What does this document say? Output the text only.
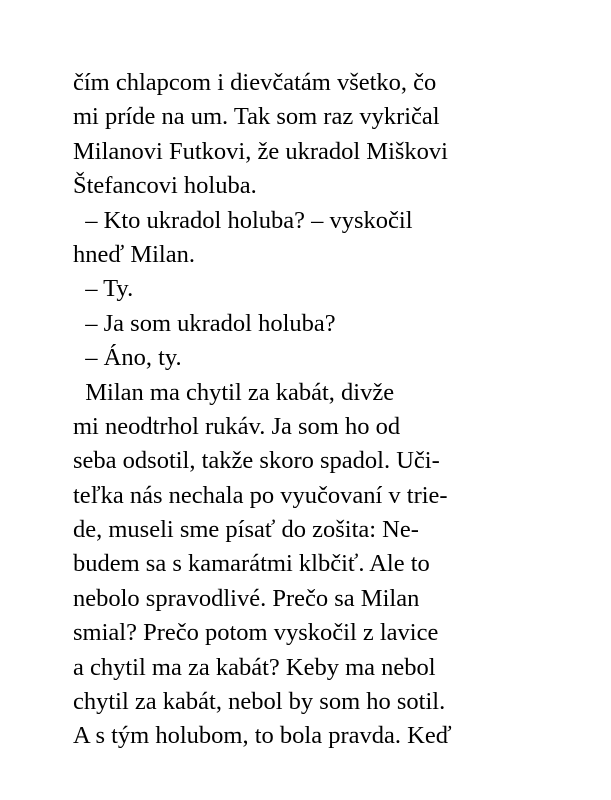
čím chlapcom i dievčatám všetko, čo
mi príde na um. Tak som raz vykričal
Milanovi Futkovi, že ukradol Miškovi
Štefancovi holuba.
– Kto ukradol holuba? – vyskočil
hneď Milan.
– Ty.
– Ja som ukradol holuba?
– Áno, ty.
Milan ma chytil za kabát, divže
mi neodtrhol rukáv. Ja som ho od
seba odsotil, takže skoro spadol. Uči-
teľka nás nechala po vyučovaní v trie-
de, museli sme písať do zošita: Ne-
budem sa s kamarátmi klbčiť. Ale to
nebolo spravodlivé. Prečo sa Milan
smial? Prečo potom vyskočil z lavice
a chytil ma za kabát? Keby ma nebol
chytil za kabát, nebol by som ho sotil.
A s tým holubom, to bola pravda. Keď
